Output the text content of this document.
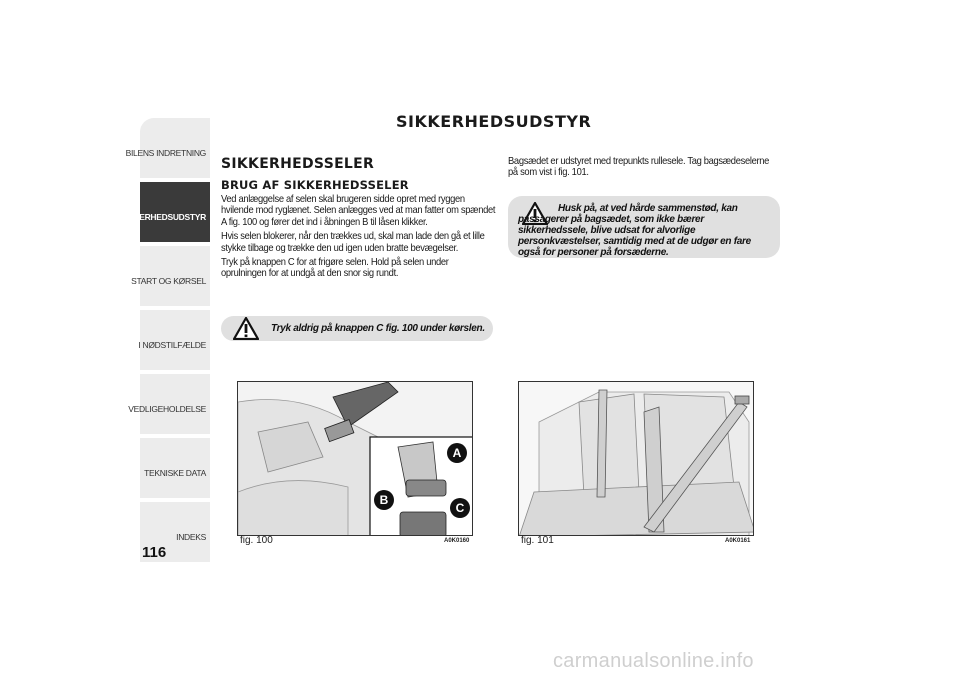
BILENS INDRETNING
SIKKERHEDSUDSTYR
START OG KØRSEL
I NØDSTILFÆLDE
VEDLIGEHOLDELSE
TEKNISKE DATA
INDEKS
116
SIKKERHEDSUDSTYR
SIKKERHEDSSELER
BRUG AF SIKKERHEDSSELER
Ved anlæggelse af selen skal brugeren sidde opret med ryggen hvilende mod ryglænet. Selen anlægges ved at man fatter om spændet A fig. 100 og fører det ind i åbningen B til låsen klikker.
Hvis selen blokerer, når den trækkes ud, skal man lade den gå et lille stykke tilbage og trække den ud igen uden bratte bevægelser.
Tryk på knappen C for at frigøre selen. Hold på selen under oprulningen for at undgå at den snor sig rundt.
Tryk aldrig på knappen C fig. 100 under kørslen.
Bagsædet er udstyret med trepunkts rullesele. Tag bagsædeselerne på som vist i fig. 101.
Husk på, at ved hårde sammenstød, kan passagerer på bagsædet, som ikke bærer sikkerhedssele, blive udsat for alvorlige personkvæstelser, samtidig med at de udgør en fare også for personer på forsæderne.
A
B
C
fig. 100	A0K0160	fig. 101	A0K0161
carmanualsonline.info
